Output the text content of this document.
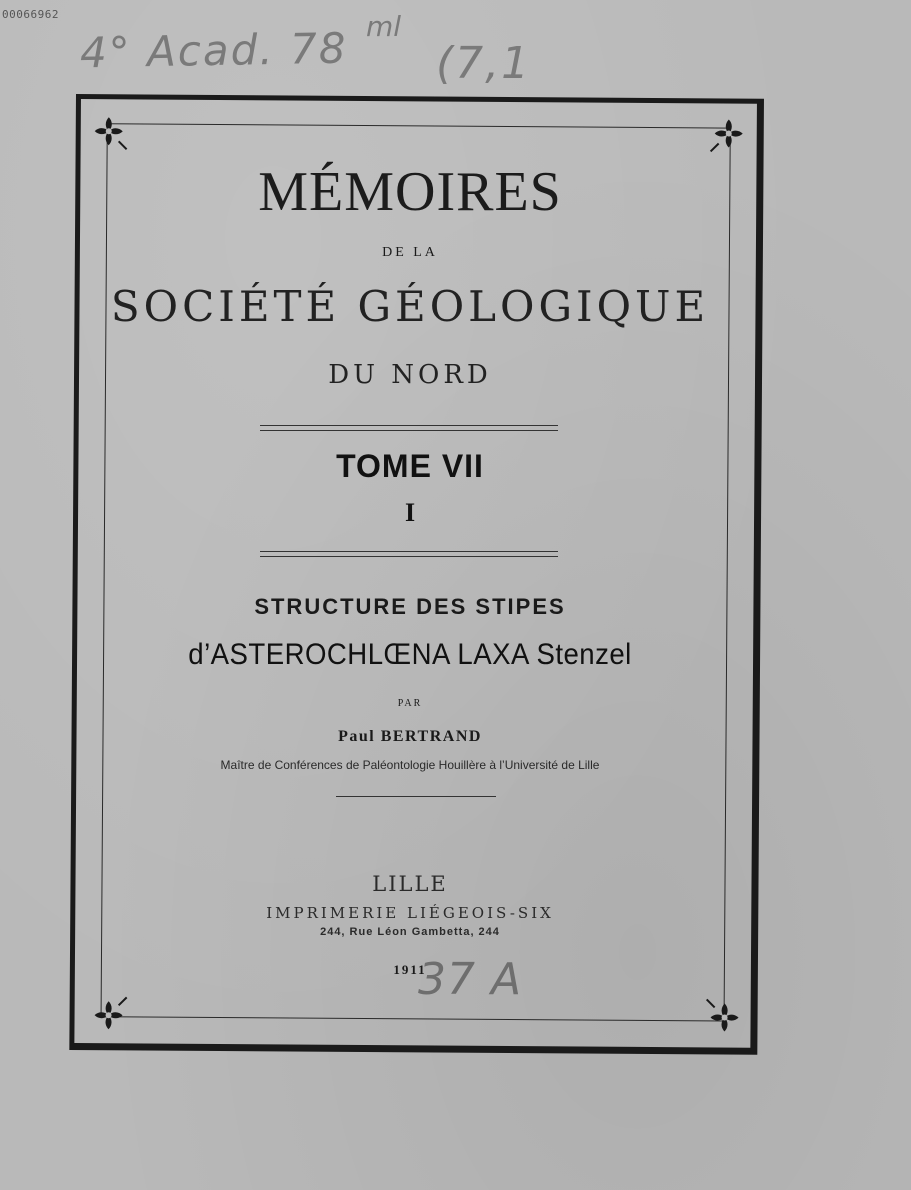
00066962
4° Acad. 78 ml
(7,1
MÉMOIRES
DE LA
SOCIÉTÉ GÉOLOGIQUE
DU NORD
TOME VII
I
STRUCTURE DES STIPES
d’ASTEROCHLŒNA LAXA Stenzel
PAR
Paul BERTRAND
Maître de Conférences de Paléontologie Houillère à l’Université de Lille
LILLE
IMPRIMERIE LIÉGEOIS-SIX
244, Rue Léon Gambetta, 244
1911
37 A
